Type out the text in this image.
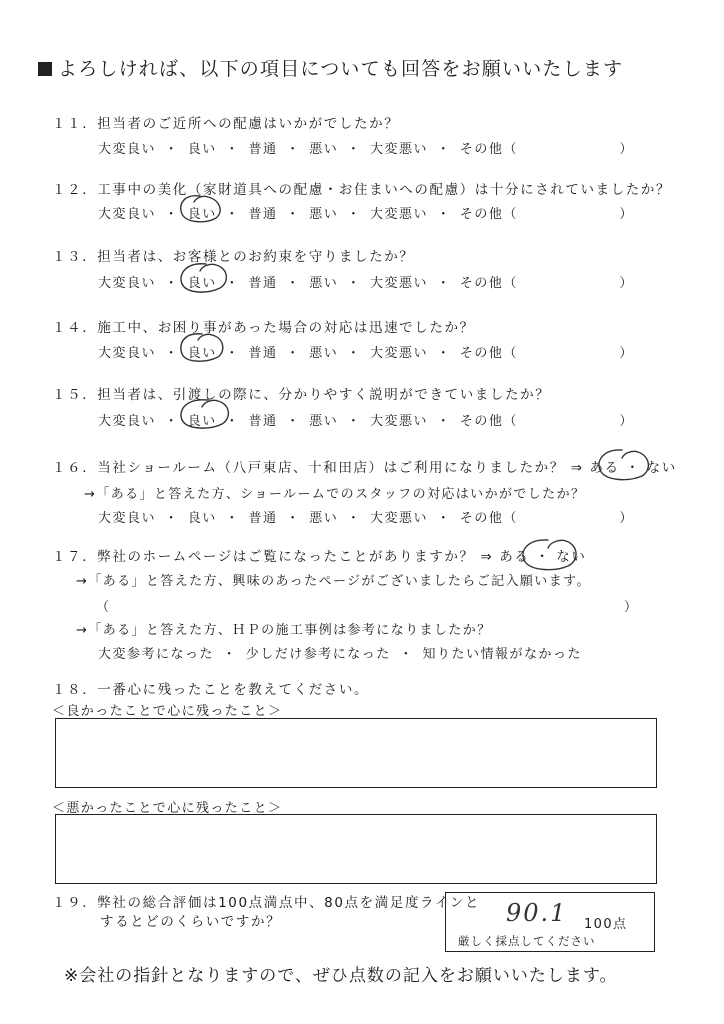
よろしければ、以下の項目についても回答をお願いいたします
１１．担当者のご近所への配慮はいかがでしたか？
大変良い ・ 良い ・ 普通 ・ 悪い ・ 大変悪い ・ その他（　　　　　　　）
１２．工事中の美化（家財道具への配慮・お住まいへの配慮）は十分にされていましたか？
大変良い ・ 良い ・ 普通 ・ 悪い ・ 大変悪い ・ その他（　　　　　　　）
１３．担当者は、お客様とのお約束を守りましたか？
大変良い ・ 良い ・ 普通 ・ 悪い ・ 大変悪い ・ その他（　　　　　　　）
１４．施工中、お困り事があった場合の対応は迅速でしたか？
大変良い ・ 良い ・ 普通 ・ 悪い ・ 大変悪い ・ その他（　　　　　　　）
１５．担当者は、引渡しの際に、分かりやすく説明ができていましたか？
大変良い ・ 良い ・ 普通 ・ 悪い ・ 大変悪い ・ その他（　　　　　　　）
１６．当社ショールーム（八戸東店、十和田店）はご利用になりましたか？ ⇒ ある ・ ない
→「ある」と答えた方、ショールームでのスタッフの対応はいかがでしたか？
大変良い ・ 良い ・ 普通 ・ 悪い ・ 大変悪い ・ その他（　　　　　　　）
１７．弊社のホームページはご覧になったことがありますか？ ⇒ ある ・ ない
→「ある」と答えた方、興味のあったページがございましたらご記入願います。
（	）
→「ある」と答えた方、ＨＰの施工事例は参考になりましたか？
大変参考になった ・ 少しだけ参考になった ・ 知りたい情報がなかった
１８．一番心に残ったことを教えてください。
＜良かったことで心に残ったこと＞
＜悪かったことで心に残ったこと＞
１９．弊社の総合評価は100点満点中、80点を満足度ラインと
するとどのくらいですか？	90.1 100点
厳しく採点してください
※会社の指針となりますので、ぜひ点数の記入をお願いいたします。
